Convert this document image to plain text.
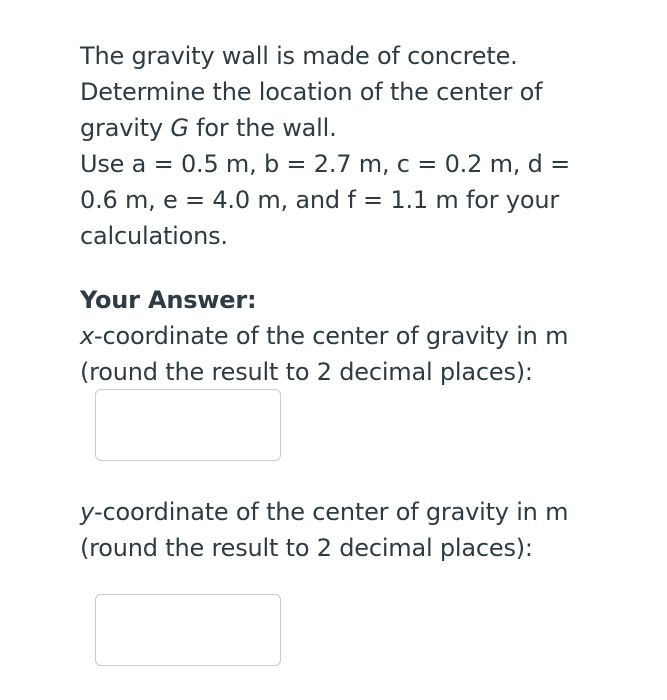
The gravity wall is made of concrete.

Determine the location of the center of

gravity G for the wall.

Use a = 0.5 m, b = 2.7 m, c = 0.2 m, d =

0.6 m, e = 4.0 m, and f = 1.1 m for your

calculations.

Your Answer:
x-coordinate of the center of gravity in m
(round the result to 2 decimal places):
y-coordinate of the center of gravity in m
(round the result to 2 decimal places):
